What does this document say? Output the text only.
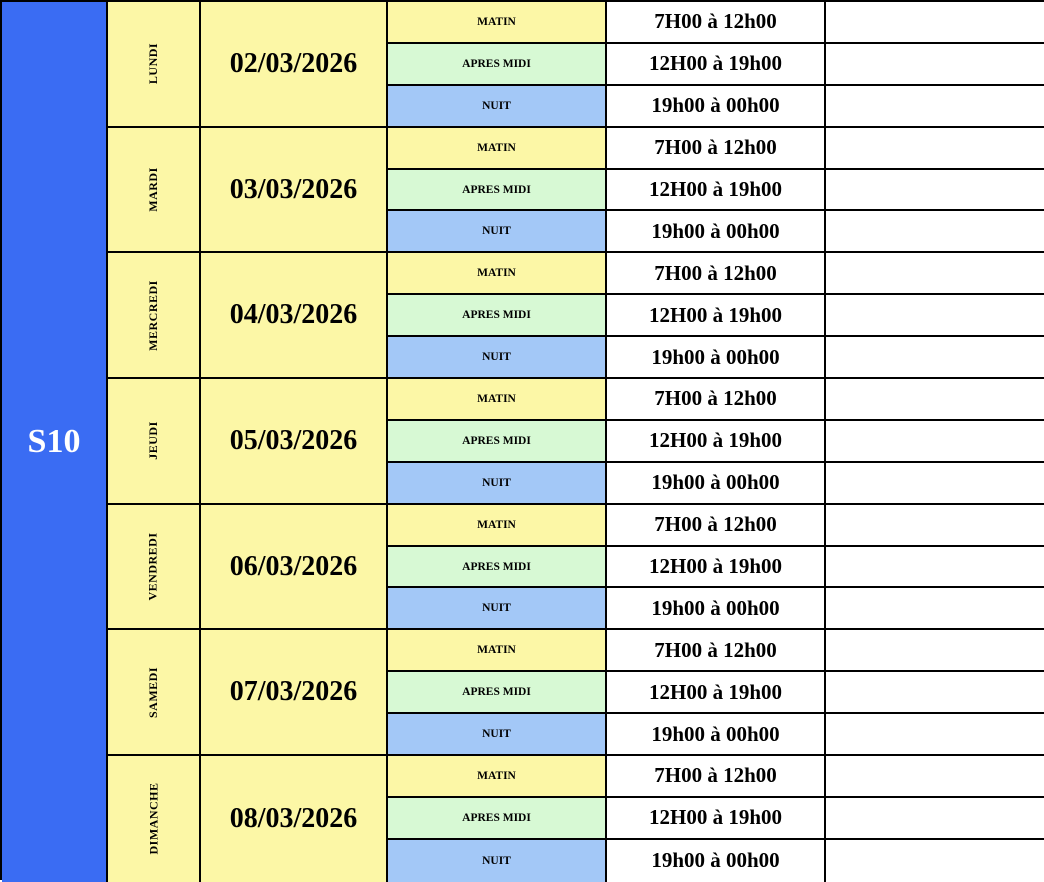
S10
LUNDI	02/03/2026
MATIN	7H00 à 12h00
APRES MIDI	12H00 à 19h00
NUIT	19h00 à 00h00
MARDI	03/03/2026
MATIN	7H00 à 12h00
APRES MIDI	12H00 à 19h00
NUIT	19h00 à 00h00
MERCREDI	04/03/2026
MATIN	7H00 à 12h00
APRES MIDI	12H00 à 19h00
NUIT	19h00 à 00h00
JEUDI	05/03/2026
MATIN	7H00 à 12h00
APRES MIDI	12H00 à 19h00
NUIT	19h00 à 00h00
VENDREDI	06/03/2026
MATIN	7H00 à 12h00
APRES MIDI	12H00 à 19h00
NUIT	19h00 à 00h00
SAMEDI	07/03/2026
MATIN	7H00 à 12h00
APRES MIDI	12H00 à 19h00
NUIT	19h00 à 00h00
DIMANCHE	08/03/2026
MATIN	7H00 à 12h00
APRES MIDI	12H00 à 19h00
NUIT	19h00 à 00h00
